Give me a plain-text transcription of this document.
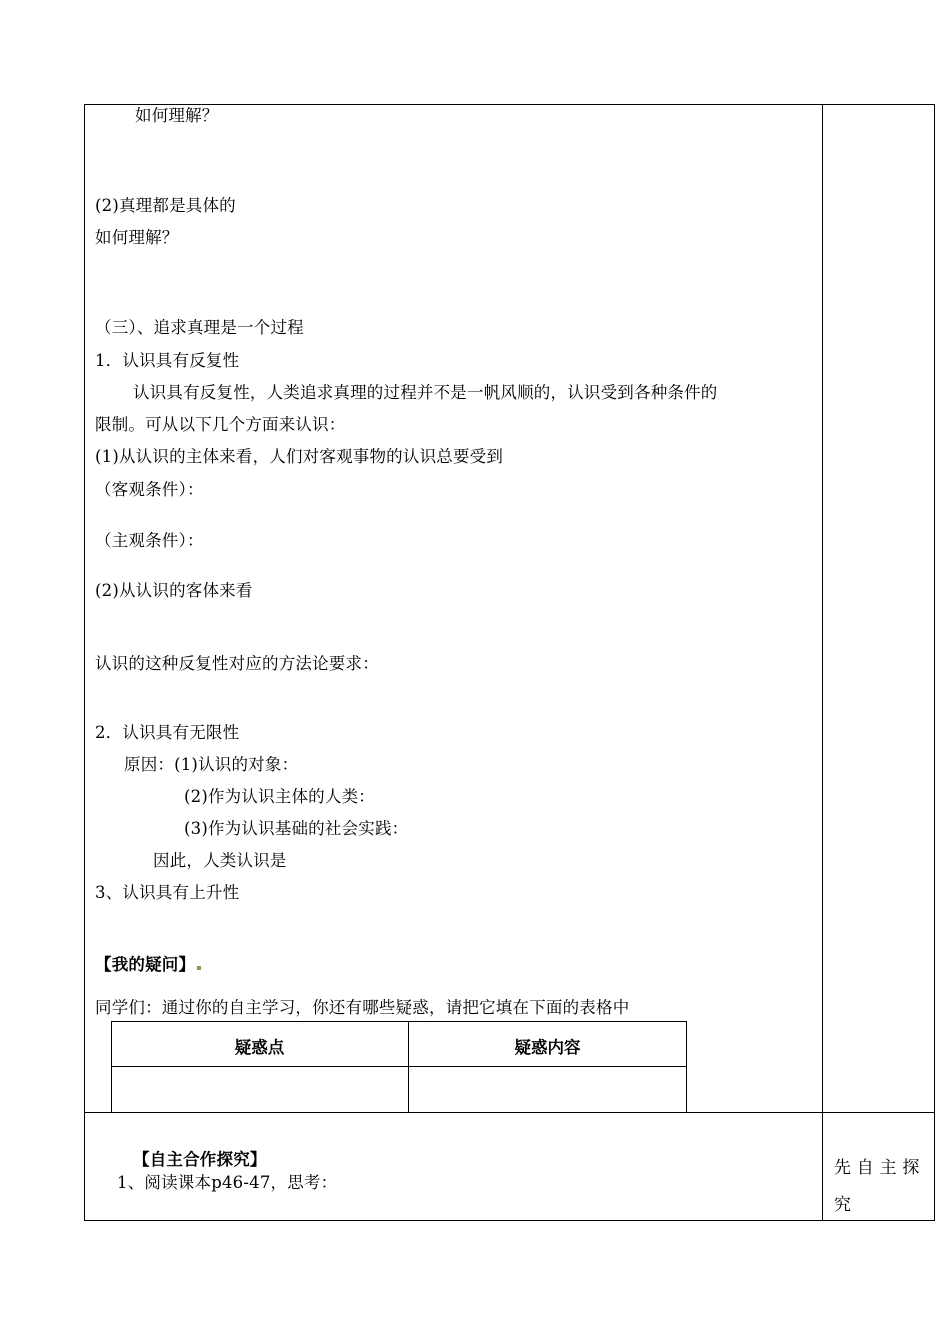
如何理解？
(2)真理都是具体的
如何理解？
（三）、追求真理是一个过程
1．认识具有反复性
认识具有反复性，人类追求真理的过程并不是一帆风顺的，认识受到各种条件的
限制。可从以下几个方面来认识：
(1)从认识的主体来看，人们对客观事物的认识总要受到
（客观条件）：
（主观条件）：
(2)从认识的客体来看
认识的这种反复性对应的方法论要求：
2．认识具有无限性
原因：(1)认识的对象：
(2)作为认识主体的人类：
(3)作为认识基础的社会实践：
因此，人类认识是
3、认识具有上升性
【我的疑问】
同学们：通过你的自主学习，你还有哪些疑惑，请把它填在下面的表格中
疑惑点	疑惑内容
【自主合作探究】
1、阅读课本p46-47，思考：
先 自 主 探
究
